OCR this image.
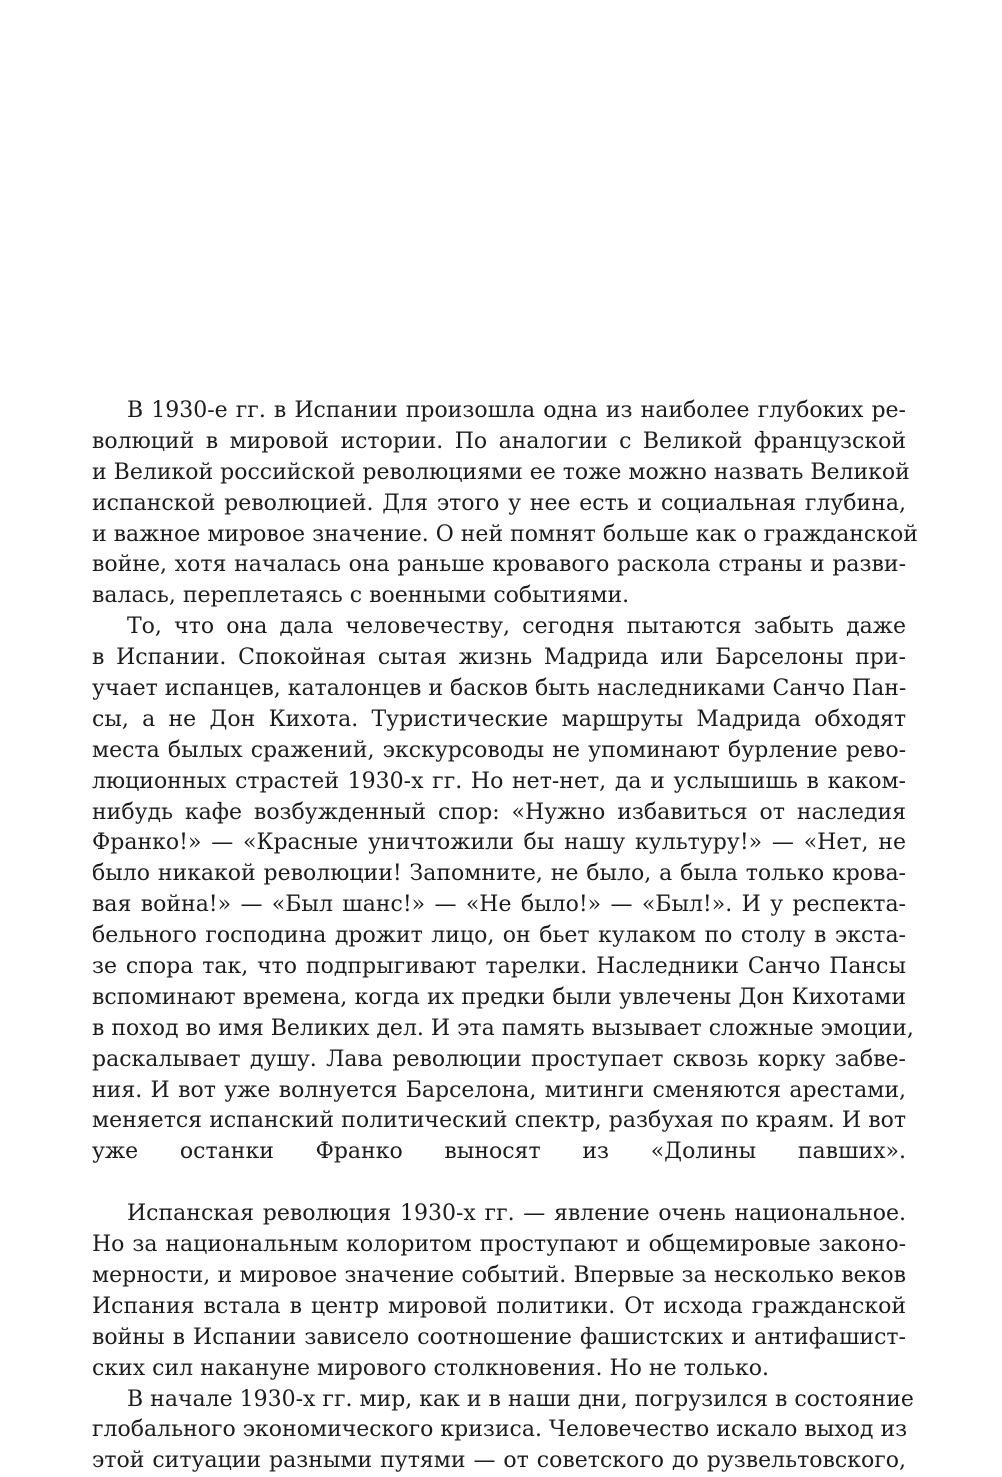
В 1930-е гг. в Испании произошла одна из наиболее глубоких ре-
волюций в мировой истории. По аналогии с Великой французской
и Великой российской революциями ее тоже можно назвать Великой
испанской революцией. Для этого у нее есть и социальная глубина,
и важное мировое значение. О ней помнят больше как о гражданской
войне, хотя началась она раньше кровавого раскола страны и разви-
валась, переплетаясь с военными событиями.
То, что она дала человечеству, сегодня пытаются забыть даже
в Испании. Спокойная сытая жизнь Мадрида или Барселоны при-
учает испанцев, каталонцев и басков быть наследниками Санчо Пан-
сы, а не Дон Кихота. Туристические маршруты Мадрида обходят
места былых сражений, экскурсоводы не упоминают бурление рево-
люционных страстей 1930-х гг. Но нет-нет, да и услышишь в каком-
нибудь кафе возбужденный спор: «Нужно избавиться от наследия
Франко!» — «Красные уничтожили бы нашу культуру!» — «Нет, не
было никакой революции! Запомните, не было, а была только крова-
вая война!» — «Был шанс!» — «Не было!» — «Был!». И у респекта-
бельного господина дрожит лицо, он бьет кулаком по столу в экста-
зе спора так, что подпрыгивают тарелки. Наследники Санчо Пансы
вспоминают времена, когда их предки были увлечены Дон Кихотами
в поход во имя Великих дел. И эта память вызывает сложные эмоции,
раскалывает душу. Лава революции проступает сквозь корку забве-
ния. И вот уже волнуется Барселона, митинги сменяются арестами,
меняется испанский политический спектр, разбухая по краям. И вот
уже останки Франко выносят из «Долины павших».
Испанская революция 1930-х гг. — явление очень национальное.
Но за национальным колоритом проступают и общемировые законо-
мерности, и мировое значение событий. Впервые за несколько веков
Испания встала в центр мировой политики. От исхода гражданской
войны в Испании зависело соотношение фашистских и антифашист-
ских сил накануне мирового столкновения. Но не только.
В начале 1930-х гг. мир, как и в наши дни, погрузился в состояние
глобального экономического кризиса. Человечество искало выход из
этой ситуации разными путями — от советского до рузвельтовского,
